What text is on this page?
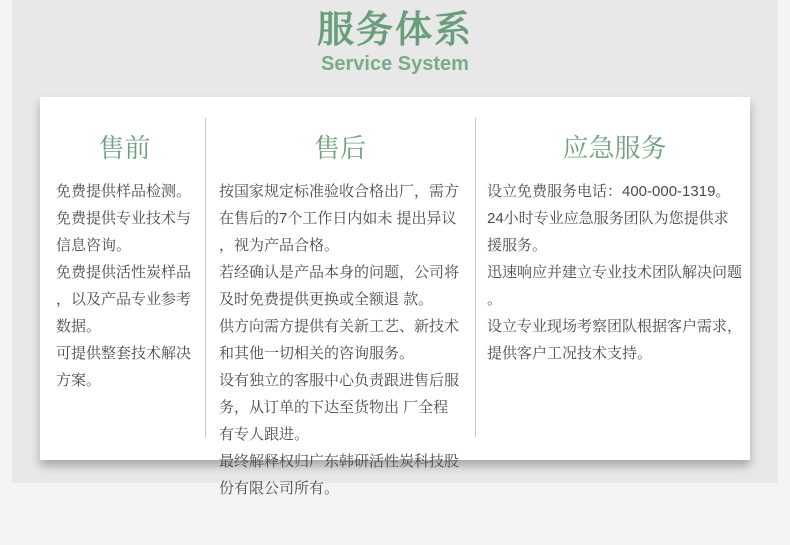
服务体系
Service System
售前

免费提供样品检测。

免费提供专业技术与信息咨询。

免费提供活性炭样品，以及产品专业参考数据。

可提供整套技术解决方案。

售后

按国家规定标准验收合格出厂，需方在售后的7个工作日内如未 提出异议，视为产品合格。

若经确认是产品本身的问题，公司将及时免费提供更换或全额退 款。

供方向需方提供有关新工艺、新技术和其他一切相关的咨询服务。

设有独立的客服中心负责跟进售后服务，从订单的下达至货物出 厂全程有专人跟进。

最终解释权归广东韩研活性炭科技股份有限公司所有。

应急服务

设立免费服务电话：400-000-1319。

24小时专业应急服务团队为您提供求援服务。

迅速响应并建立专业技术团队解决问题。

设立专业现场考察团队根据客户需求，提供客户工况技术支持。
